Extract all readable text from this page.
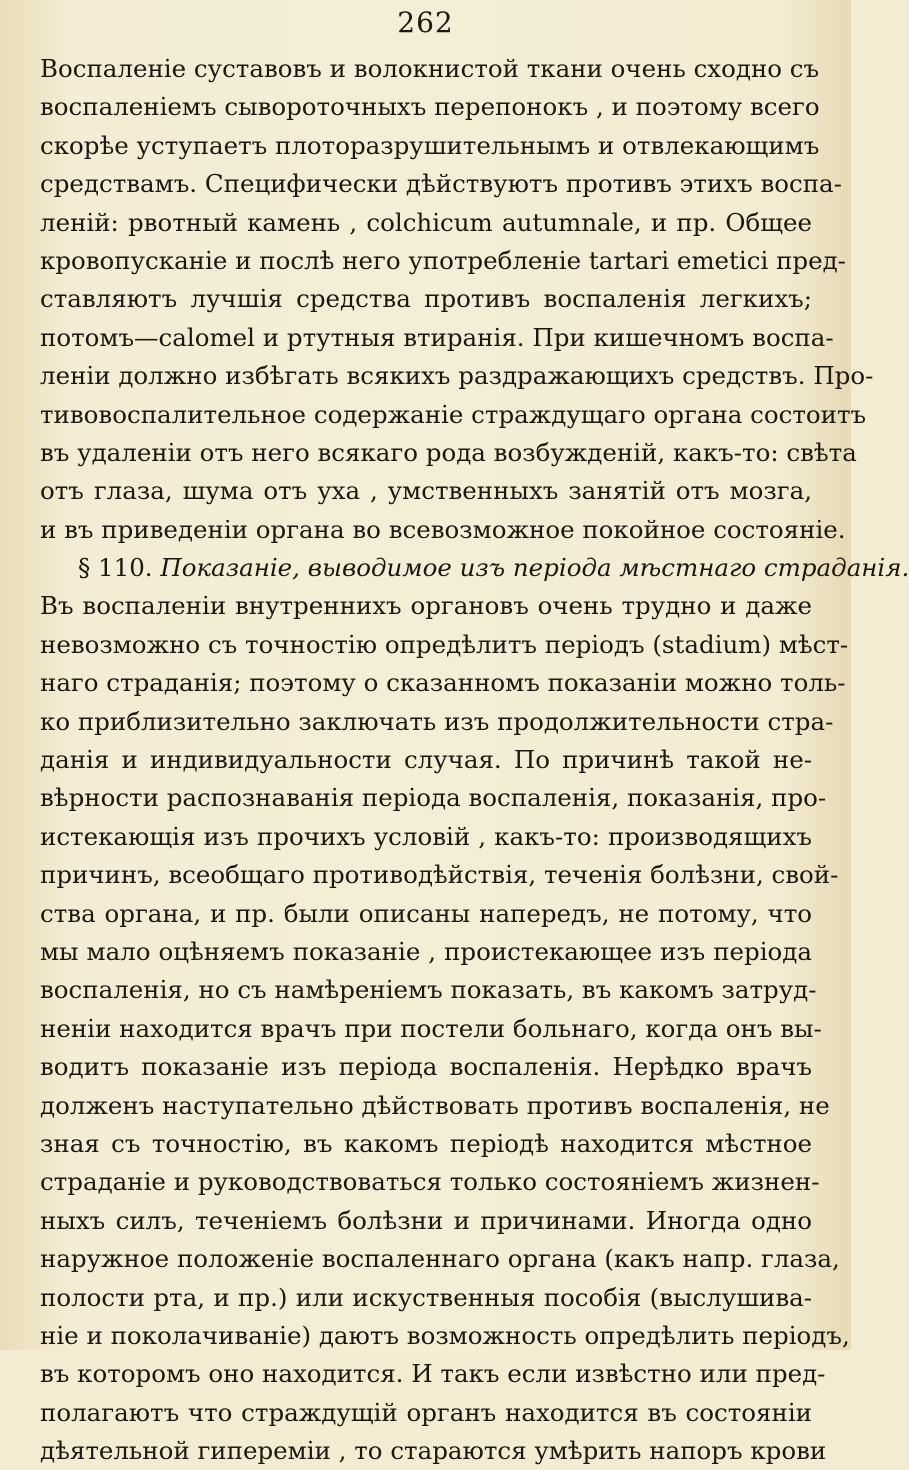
262
Воспаленіе суставовъ и волокнистой ткани очень сходно съ
воспаленіемъ сывороточныхъ перепонокъ , и поэтому всего
скорѣе уступаетъ плоторазрушительнымъ и отвлекающимъ
средствамъ. Специфически дѣйствуютъ противъ этихъ воспа-
леній: рвотный камень , colchicum autumnale, и пр. Общее
кровопусканіе и послѣ него употребленіе tartari emetici пред-
ставляютъ лучшія средства противъ воспаленія легкихъ;
потомъ—calomel и ртутныя втиранія. При кишечномъ воспа-
леніи должно избѣгать всякихъ раздражающихъ средствъ. Про-
тивовоспалительное содержаніе страждущаго органа состоитъ
въ удаленіи отъ него всякаго рода возбужденій, какъ-то: свѣта
отъ глаза, шума отъ уха , умственныхъ занятій отъ мозга,
и въ приведеніи органа во всевозможное покойное состояніе.
§ 110. Показаніе, выводимое изъ періода мѣстнаго страданія.
Въ воспаленіи внутреннихъ органовъ очень трудно и даже
невозможно съ точностію опредѣлитъ періодъ (stadium) мѣст-
наго страданія; поэтому о сказанномъ показаніи можно толь-
ко приблизительно заключать изъ продолжительности стра-
данія и индивидуальности случая. По причинѣ такой не-
вѣрности распознаванія періода воспаленія, показанія, про-
истекающія изъ прочихъ условій , какъ-то: производящихъ
причинъ, всеобщаго противодѣйствія, теченія болѣзни, свой-
ства органа, и пр. были описаны напередъ, не потому, что
мы мало оцѣняемъ показаніе , проистекающее изъ періода
воспаленія, но съ намѣреніемъ показать, въ какомъ затруд-
неніи находится врачъ при постели больнаго, когда онъ вы-
водитъ показаніе изъ періода воспаленія. Нерѣдко врачъ
долженъ наступательно дѣйствовать противъ воспаленія, не
зная съ точностію, въ какомъ періодѣ находится мѣстное
страданіе и руководствоваться только состояніемъ жизнен-
ныхъ силъ, теченіемъ болѣзни и причинами. Иногда одно
наружное положеніе воспаленнаго органа (какъ напр. глаза,
полости рта, и пр.) или искуственныя пособія (выслушива-
ніе и поколачиваніе) даютъ возможность опредѣлить періодъ,
въ которомъ оно находится. И такъ если извѣстно или пред-
полагаютъ что страждущій органъ находится въ состояніи
дѣятельной гипереміи , то стараются умѣрить напоръ крови
